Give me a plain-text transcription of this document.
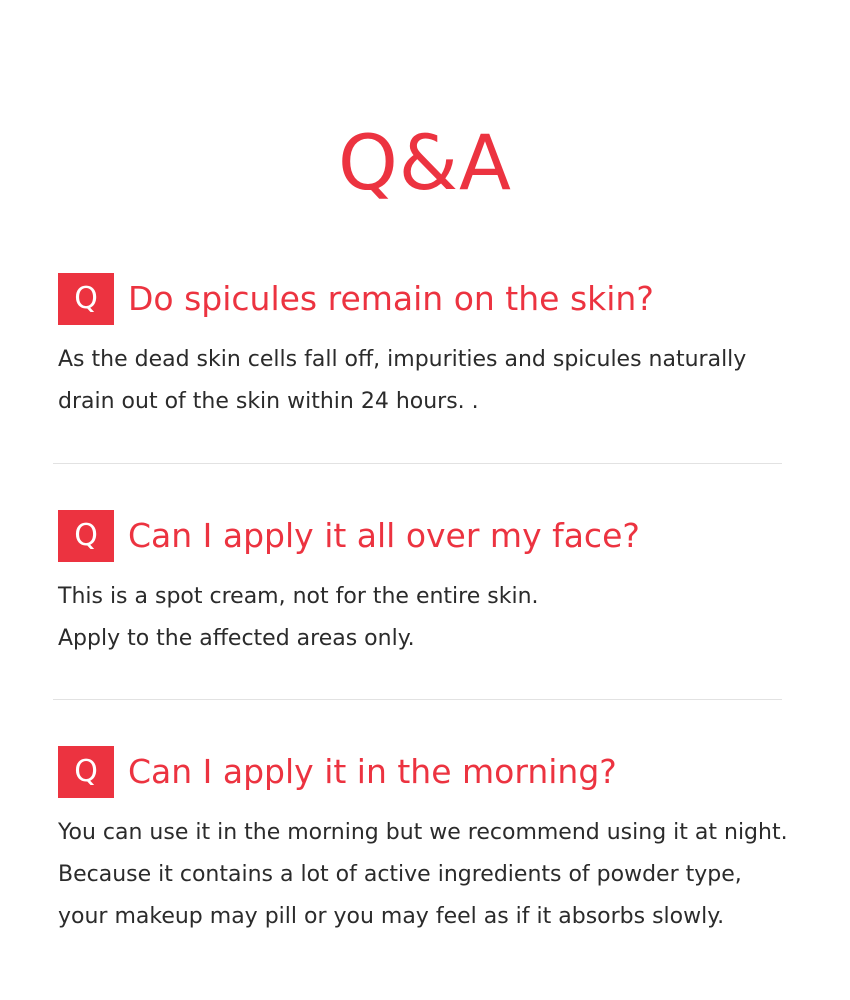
Q&A
Q Do spicules remain on the skin?
As the dead skin cells fall off, impurities and spicules naturally
drain out of the skin within 24 hours. .
Q Can I apply it all over my face?
This is a spot cream, not for the entire skin.
Apply to the affected areas only.
Q Can I apply it in the morning?
You can use it in the morning but we recommend using it at night.
Because it contains a lot of active ingredients of powder type,
your makeup may pill or you may feel as if it absorbs slowly.
